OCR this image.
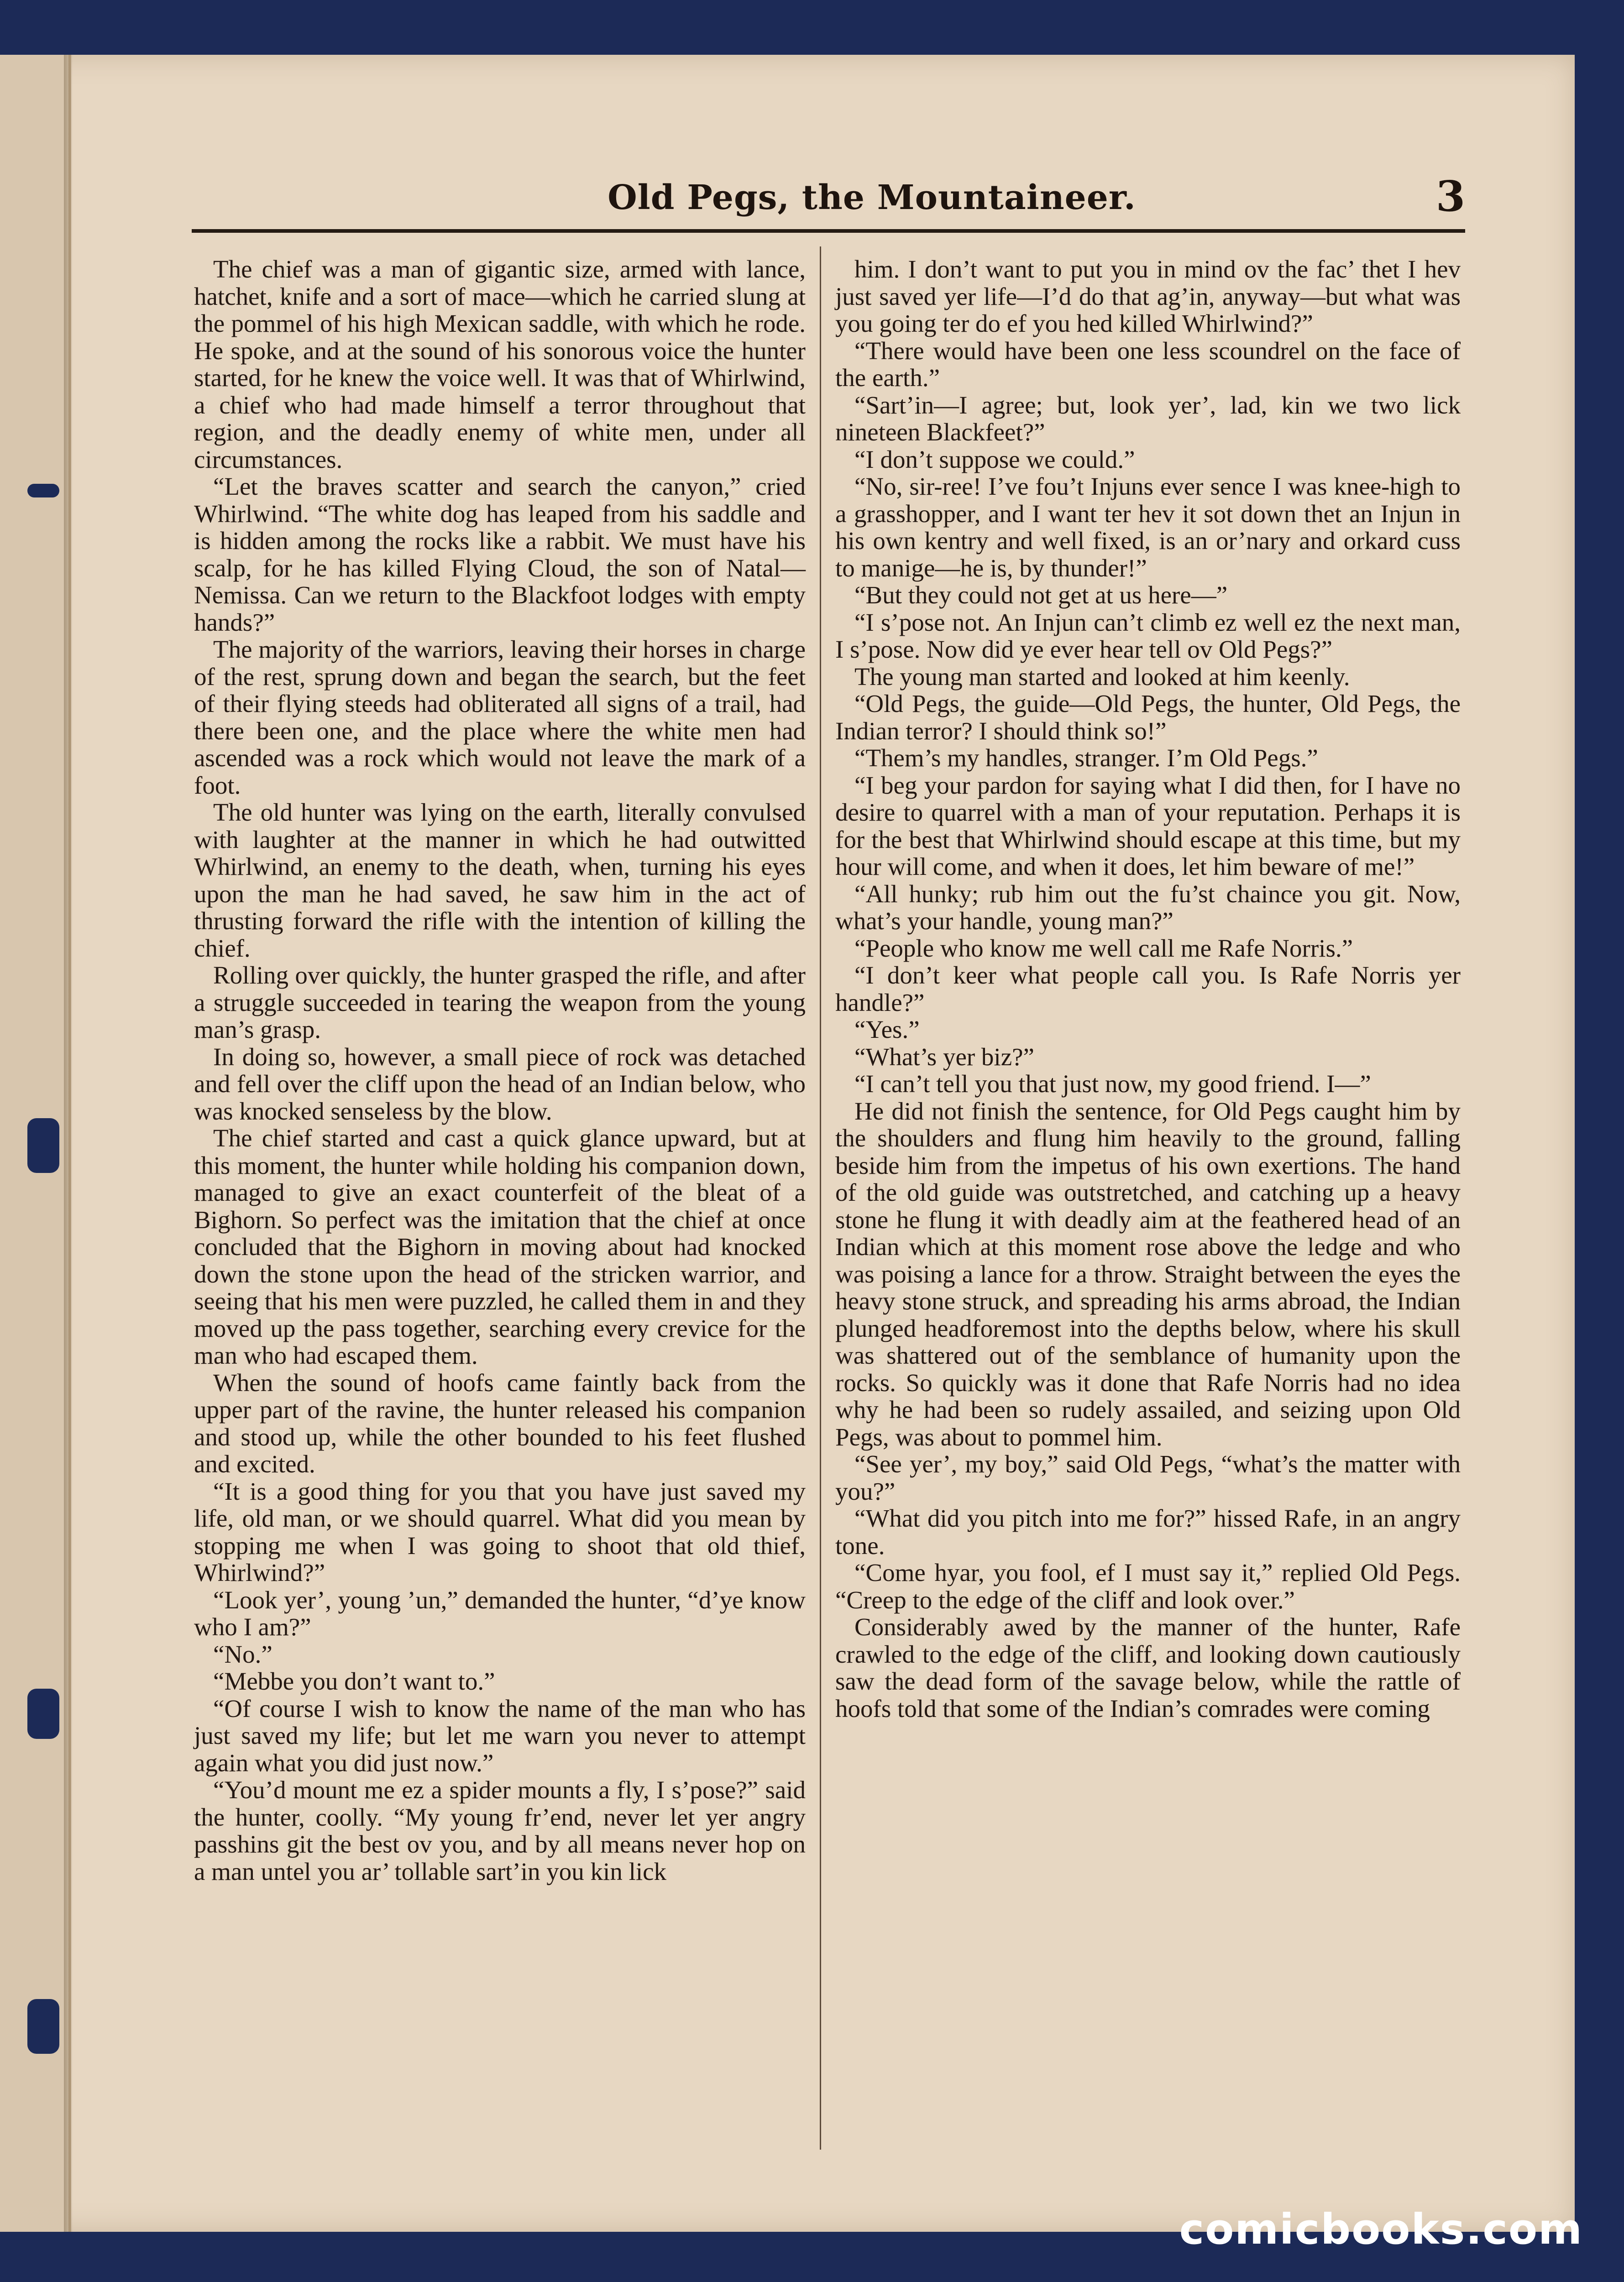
Old Pegs, the Mountaineer.	3

The chief was a man of gigantic size, armed with lance, hatchet, knife and a sort of mace—which he carried slung at the pommel of his high Mexican saddle, with which he rode. He spoke, and at the sound of his sonorous voice the hunter started, for he knew the voice well. It was that of Whirlwind, a chief who had made himself a terror throughout that region, and the deadly enemy of white men, under all circumstances.

“Let the braves scatter and search the canyon,” cried Whirlwind. “The white dog has leaped from his saddle and is hidden among the rocks like a rabbit. We must have his scalp, for he has killed Flying Cloud, the son of Natal—Nemissa. Can we return to the Blackfoot lodges with empty hands?”

The majority of the warriors, leaving their horses in charge of the rest, sprung down and began the search, but the feet of their flying steeds had obliterated all signs of a trail, had there been one, and the place where the white men had ascended was a rock which would not leave the mark of a foot.

The old hunter was lying on the earth, literally convulsed with laughter at the manner in which he had outwitted Whirlwind, an enemy to the death, when, turning his eyes upon the man he had saved, he saw him in the act of thrusting forward the rifle with the intention of killing the chief.

Rolling over quickly, the hunter grasped the rifle, and after a struggle succeeded in tearing the weapon from the young man’s grasp.

In doing so, however, a small piece of rock was detached and fell over the cliff upon the head of an Indian below, who was knocked senseless by the blow.

The chief started and cast a quick glance upward, but at this moment, the hunter while holding his companion down, managed to give an exact counterfeit of the bleat of a Bighorn. So perfect was the imitation that the chief at once concluded that the Bighorn in moving about had knocked down the stone upon the head of the stricken warrior, and seeing that his men were puzzled, he called them in and they moved up the pass together, searching every crevice for the man who had escaped them.

When the sound of hoofs came faintly back from the upper part of the ravine, the hunter released his companion and stood up, while the other bounded to his feet flushed and excited.

“It is a good thing for you that you have just saved my life, old man, or we should quarrel. What did you mean by stopping me when I was going to shoot that old thief, Whirlwind?”

“Look yer’, young ’un,” demanded the hunter, “d’ye know who I am?”

“No.”

“Mebbe you don’t want to.”

“Of course I wish to know the name of the man who has just saved my life; but let me warn you never to attempt again what you did just now.”

“You’d mount me ez a spider mounts a fly, I s’pose?” said the hunter, coolly. “My young fr’end, never let yer angry passhins git the best ov you, and by all means never hop on a man untel you ar’ tollable sart’in you kin lick

him. I don’t want to put you in mind ov the fac’ thet I hev just saved yer life—I’d do that ag’in, anyway—but what was you going ter do ef you hed killed Whirlwind?”

“There would have been one less scoundrel on the face of the earth.”

“Sart’in—I agree; but, look yer’, lad, kin we two lick nineteen Blackfeet?”

“I don’t suppose we could.”

“No, sir-ree! I’ve fou’t Injuns ever sence I was knee-high to a grasshopper, and I want ter hev it sot down thet an Injun in his own kentry and well fixed, is an or’nary and orkard cuss to manige—he is, by thunder!”

“But they could not get at us here—”

“I s’pose not. An Injun can’t climb ez well ez the next man, I s’pose. Now did ye ever hear tell ov Old Pegs?”

The young man started and looked at him keenly.

“Old Pegs, the guide—Old Pegs, the hunter, Old Pegs, the Indian terror? I should think so!”

“Them’s my handles, stranger. I’m Old Pegs.”

“I beg your pardon for saying what I did then, for I have no desire to quarrel with a man of your reputation. Perhaps it is for the best that Whirlwind should escape at this time, but my hour will come, and when it does, let him beware of me!”

“All hunky; rub him out the fu’st chaince you git. Now, what’s your handle, young man?”

“People who know me well call me Rafe Norris.”

“I don’t keer what people call you. Is Rafe Norris yer handle?”

“Yes.”

“What’s yer biz?”

“I can’t tell you that just now, my good friend. I—”

He did not finish the sentence, for Old Pegs caught him by the shoulders and flung him heavily to the ground, falling beside him from the impetus of his own exertions. The hand of the old guide was outstretched, and catching up a heavy stone he flung it with deadly aim at the feathered head of an Indian which at this moment rose above the ledge and who was poising a lance for a throw. Straight between the eyes the heavy stone struck, and spreading his arms abroad, the Indian plunged headforemost into the depths below, where his skull was shattered out of the semblance of humanity upon the rocks. So quickly was it done that Rafe Norris had no idea why he had been so rudely assailed, and seizing upon Old Pegs, was about to pommel him.

“See yer’, my boy,” said Old Pegs, “what’s the matter with you?”

“What did you pitch into me for?” hissed Rafe, in an angry tone.

“Come hyar, you fool, ef I must say it,” replied Old Pegs. “Creep to the edge of the cliff and look over.”

Considerably awed by the manner of the hunter, Rafe crawled to the edge of the cliff, and looking down cautiously saw the dead form of the savage below, while the rattle of hoofs told that some of the Indian’s comrades were coming

comicbooks.com
